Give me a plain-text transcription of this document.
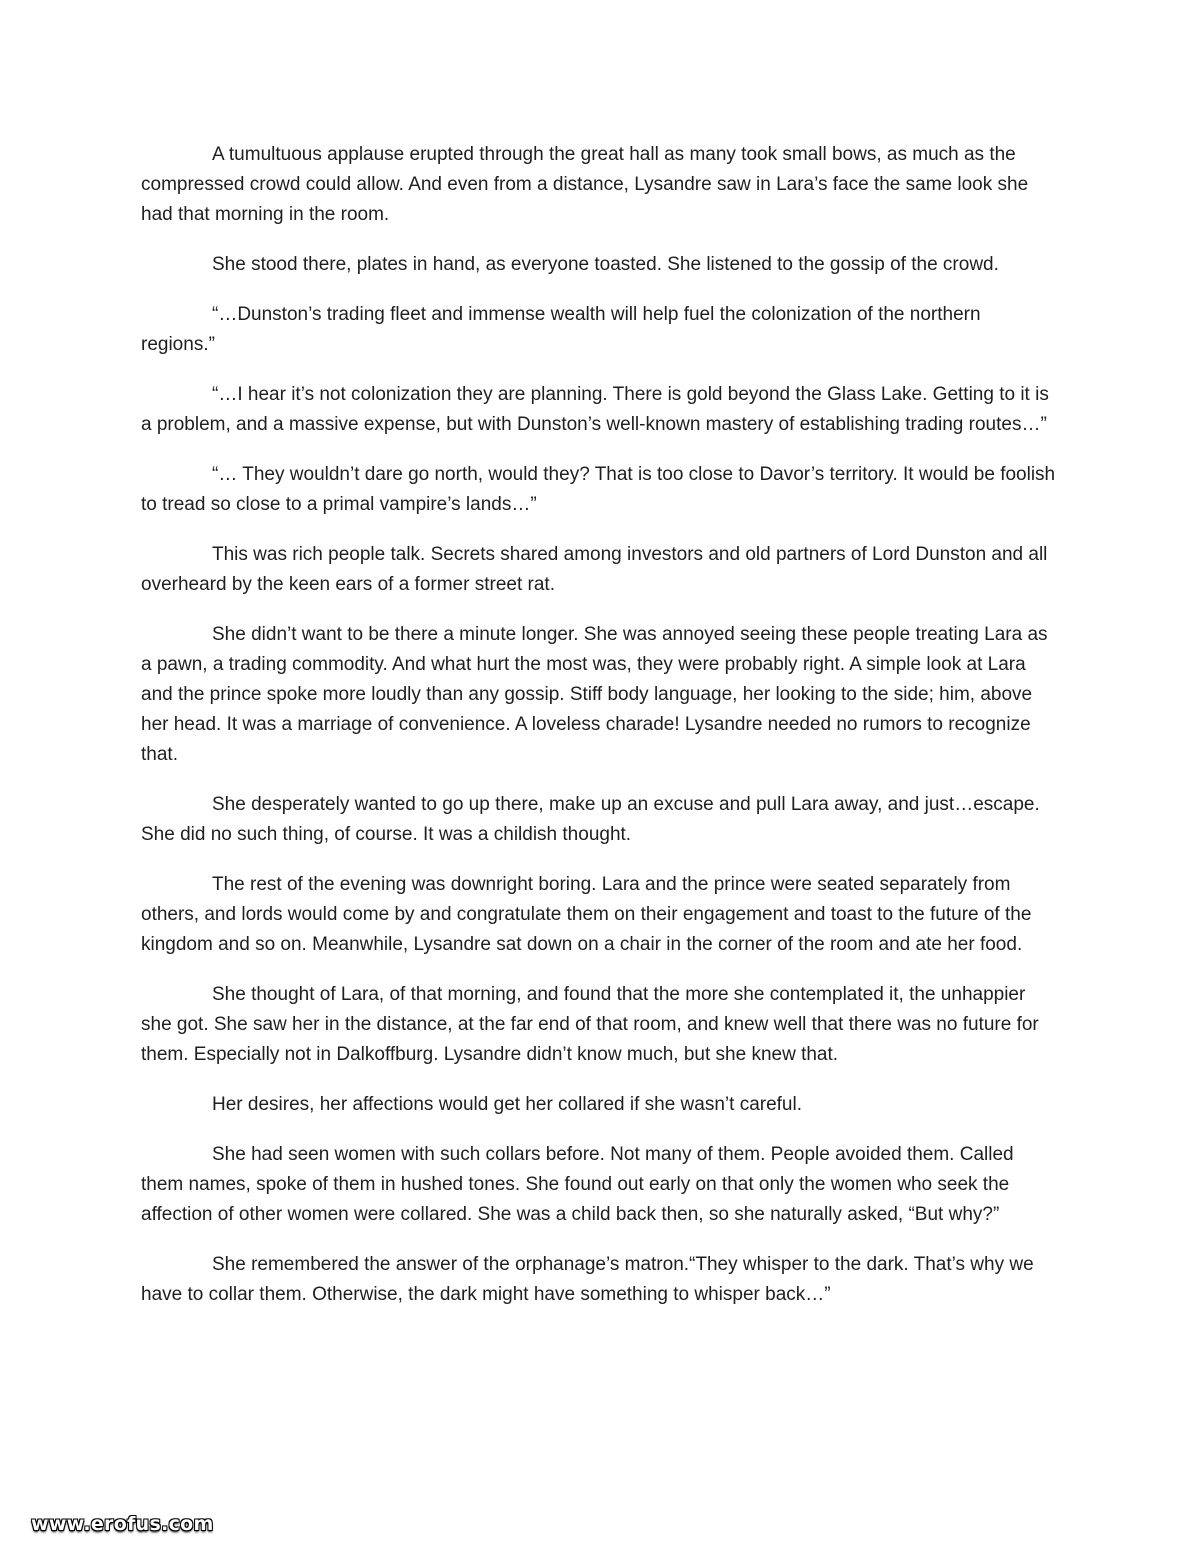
A tumultuous applause erupted through the great hall as many took small bows, as much as the compressed crowd could allow. And even from a distance, Lysandre saw in Lara’s face the same look she had that morning in the room.

She stood there, plates in hand, as everyone toasted. She listened to the gossip of the crowd.

“…Dunston’s trading fleet and immense wealth will help fuel the colonization of the northern regions.”

“…I hear it’s not colonization they are planning. There is gold beyond the Glass Lake. Getting to it is a problem, and a massive expense, but with Dunston’s well-known mastery of establishing trading routes…”

“… They wouldn’t dare go north, would they? That is too close to Davor’s territory. It would be foolish to tread so close to a primal vampire’s lands…”

This was rich people talk. Secrets shared among investors and old partners of Lord Dunston and all overheard by the keen ears of a former street rat.

She didn’t want to be there a minute longer. She was annoyed seeing these people treating Lara as a pawn, a trading commodity. And what hurt the most was, they were probably right. A simple look at Lara and the prince spoke more loudly than any gossip. Stiff body language, her looking to the side; him, above her head. It was a marriage of convenience. A loveless charade! Lysandre needed no rumors to recognize that.

She desperately wanted to go up there, make up an excuse and pull Lara away, and just…escape. She did no such thing, of course. It was a childish thought.

The rest of the evening was downright boring. Lara and the prince were seated separately from others, and lords would come by and congratulate them on their engagement and toast to the future of the kingdom and so on. Meanwhile, Lysandre sat down on a chair in the corner of the room and ate her food.

She thought of Lara, of that morning, and found that the more she contemplated it, the unhappier she got. She saw her in the distance, at the far end of that room, and knew well that there was no future for them. Especially not in Dalkoffburg. Lysandre didn’t know much, but she knew that.

Her desires, her affections would get her collared if she wasn’t careful.

She had seen women with such collars before. Not many of them. People avoided them. Called them names, spoke of them in hushed tones. She found out early on that only the women who seek the affection of other women were collared. She was a child back then, so she naturally asked, “But why?”

She remembered the answer of the orphanage’s matron.“They whisper to the dark. That’s why we have to collar them. Otherwise, the dark might have something to whisper back…”

www.erofus.com
